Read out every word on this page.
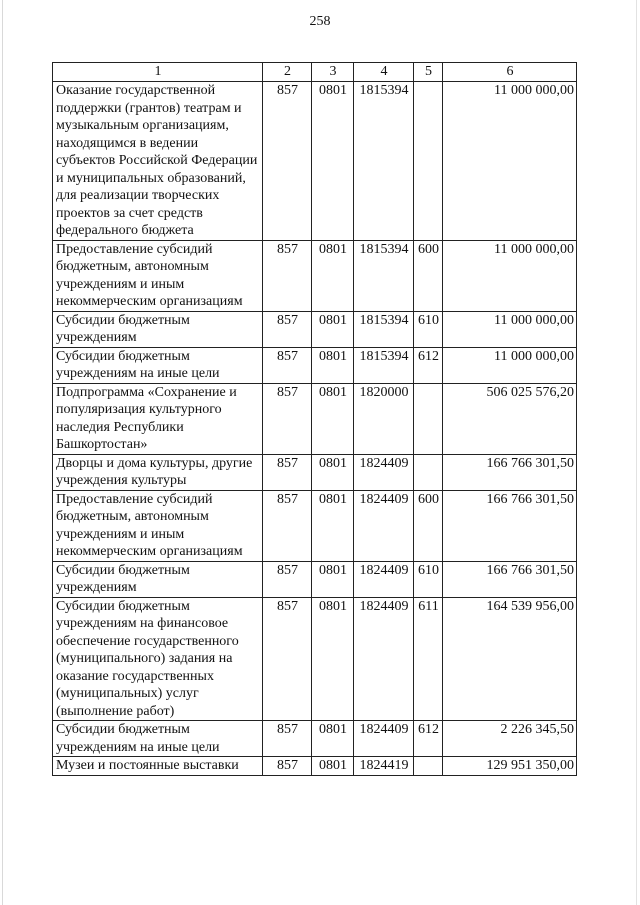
258
1	2	3	4	5	6
Оказание государственной поддержки (грантов) театрам и музыкальным организациям, находящимся в ведении субъектов Российской Федерации и муниципальных образований, для реализации творческих проектов за счет средств федерального бюджета	857	0801	1815394		11 000 000,00
Предоставление субсидий бюджетным, автономным учреждениям и иным некоммерческим организациям	857	0801	1815394	600	11 000 000,00
Субсидии бюджетным учреждениям	857	0801	1815394	610	11 000 000,00
Субсидии бюджетным учреждениям на иные цели	857	0801	1815394	612	11 000 000,00
Подпрограмма «Сохранение и популяризация культурного наследия Республики Башкортостан»	857	0801	1820000		506 025 576,20
Дворцы и дома культуры, другие учреждения культуры	857	0801	1824409		166 766 301,50
Предоставление субсидий бюджетным, автономным учреждениям и иным некоммерческим организациям	857	0801	1824409	600	166 766 301,50
Субсидии бюджетным учреждениям	857	0801	1824409	610	166 766 301,50
Субсидии бюджетным учреждениям на финансовое обеспечение государственного (муниципального) задания на оказание государственных (муниципальных) услуг (выполнение работ)	857	0801	1824409	611	164 539 956,00
Субсидии бюджетным учреждениям на иные цели	857	0801	1824409	612	2 226 345,50
Музеи и постоянные выставки	857	0801	1824419		129 951 350,00
